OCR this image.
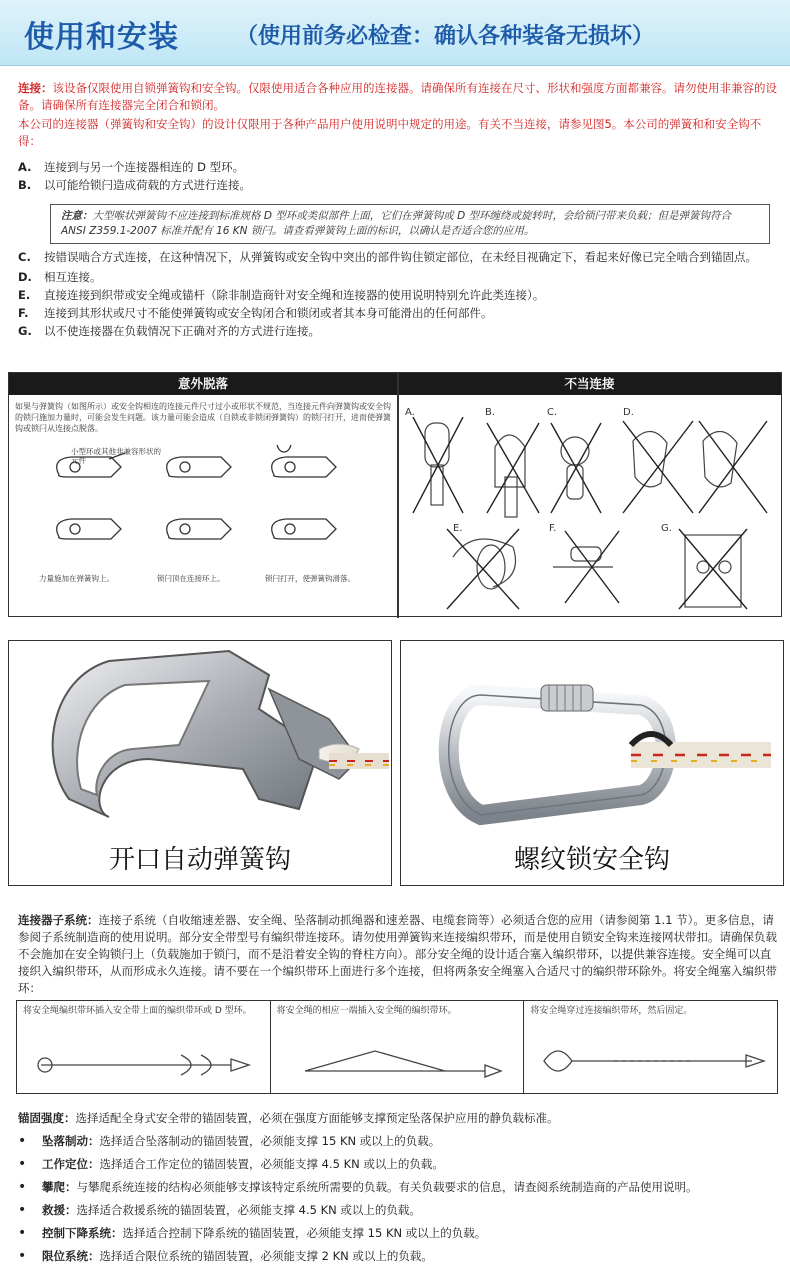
使用和安装	（使用前务必检查：确认各种装备无损坏）
连接：该设备仅限使用自锁弹簧钩和安全钩。仅限使用适合各种应用的连接器。请确保所有连接在尺寸、形状和强度方面都兼容。请勿使用非兼容的设备。请确保所有连接器完全闭合和锁闭。
本公司的连接器（弹簧钩和安全钩）的设计仅限用于各种产品用户使用说明中规定的用途。有关不当连接，请参见图5。本公司的弹簧和和安全钩不得：
A.	连接到与另一个连接器相连的 D 型环。
B.	以可能给锁闩造成荷载的方式进行连接。
注意：大型喉状弹簧钩不应连接到标准规格 D 型环或类似部件上面，它们在弹簧钩或 D 型环缠绕或旋转时，会给锁闩带来负载；但是弹簧钩符合 ANSI Z359.1-2007 标准并配有 16 KN 锁闩。请查看弹簧钩上面的标识，以确认是否适合您的应用。
C.	按错误啮合方式连接，在这种情况下，从弹簧钩或安全钩中突出的部件钩住锁定部位，在未经目视确定下，看起来好像已完全啮合到锚固点。
D.	相互连接。
E.	直接连接到织带或安全绳或锚杆（除非制造商针对安全绳和连接器的使用说明特别允许此类连接）。
F.	连接到其形状或尺寸不能使弹簧钩或安全钩闭合和锁闭或者其本身可能滑出的任何部件。
G.	以不使连接器在负载情况下正确对齐的方式进行连接。
意外脱落	不当连接
如果与弹簧钩（如图所示）或安全钩相连的连接元件尺寸过小或形状不规范，当连接元件向弹簧钩或安全钩的锁闩施加力量时，可能会发生问题。该力量可能会造成（自锁或非锁闭弹簧钩）的锁闩打开，进而使弹簧钩或锁闩从连接点脱落。
小型环或其他非兼容形状的元件
力量施加在弹簧钩上。	锁闩顶在连接环上。	锁闩打开，使弹簧钩滑落。
A.	B.	C.	D.
E.	F.	G.
开口自动弹簧钩	螺纹锁安全钩
连接器子系统：连接子系统（自收缩速差器、安全绳、坠落制动抓绳器和速差器、电缆套筒等）必须适合您的应用（请参阅第 1.1 节）。更多信息，请参阅子系统制造商的使用说明。部分安全带型号有编织带连接环。请勿使用弹簧钩来连接编织带环，而是使用自锁安全钩来连接网状带扣。请确保负载不会施加在安全钩锁闩上（负载施加于锁闩，而不是沿着安全钩的脊柱方向）。部分安全绳的设计适合塞入编织带环，以提供兼容连接。安全绳可以直接织入编织带环，从而形成永久连接。请不要在一个编织带环上面进行多个连接，但将两条安全绳塞入合适尺寸的编织带环除外。将安全绳塞入编织带环：
将安全绳编织带环插入安全带上面的编织带环或 D 型环。	将安全绳的相应一端插入安全绳的编织带环。	将安全绳穿过连接编织带环，然后固定。
锚固强度：选择适配全身式安全带的锚固装置，必须在强度方面能够支撑预定坠落保护应用的静负载标准。
•	坠落制动： 选择适合坠落制动的锚固装置，必须能支撑 15 KN 或以上的负载。
•	工作定位： 选择适合工作定位的锚固装置，必须能支撑 4.5 KN 或以上的负载。
•	攀爬： 与攀爬系统连接的结构必须能够支撑该特定系统所需要的负载。有关负载要求的信息，请查阅系统制造商的产品使用说明。
•	救援： 选择适合救援系统的锚固装置，必须能支撑 4.5 KN 或以上的负载。
•	控制下降系统： 选择适合控制下降系统的锚固装置，必须能支撑 15 KN 或以上的负载。
•	限位系统： 选择适合限位系统的锚固装置，必须能支撑 2 KN 或以上的负载。
